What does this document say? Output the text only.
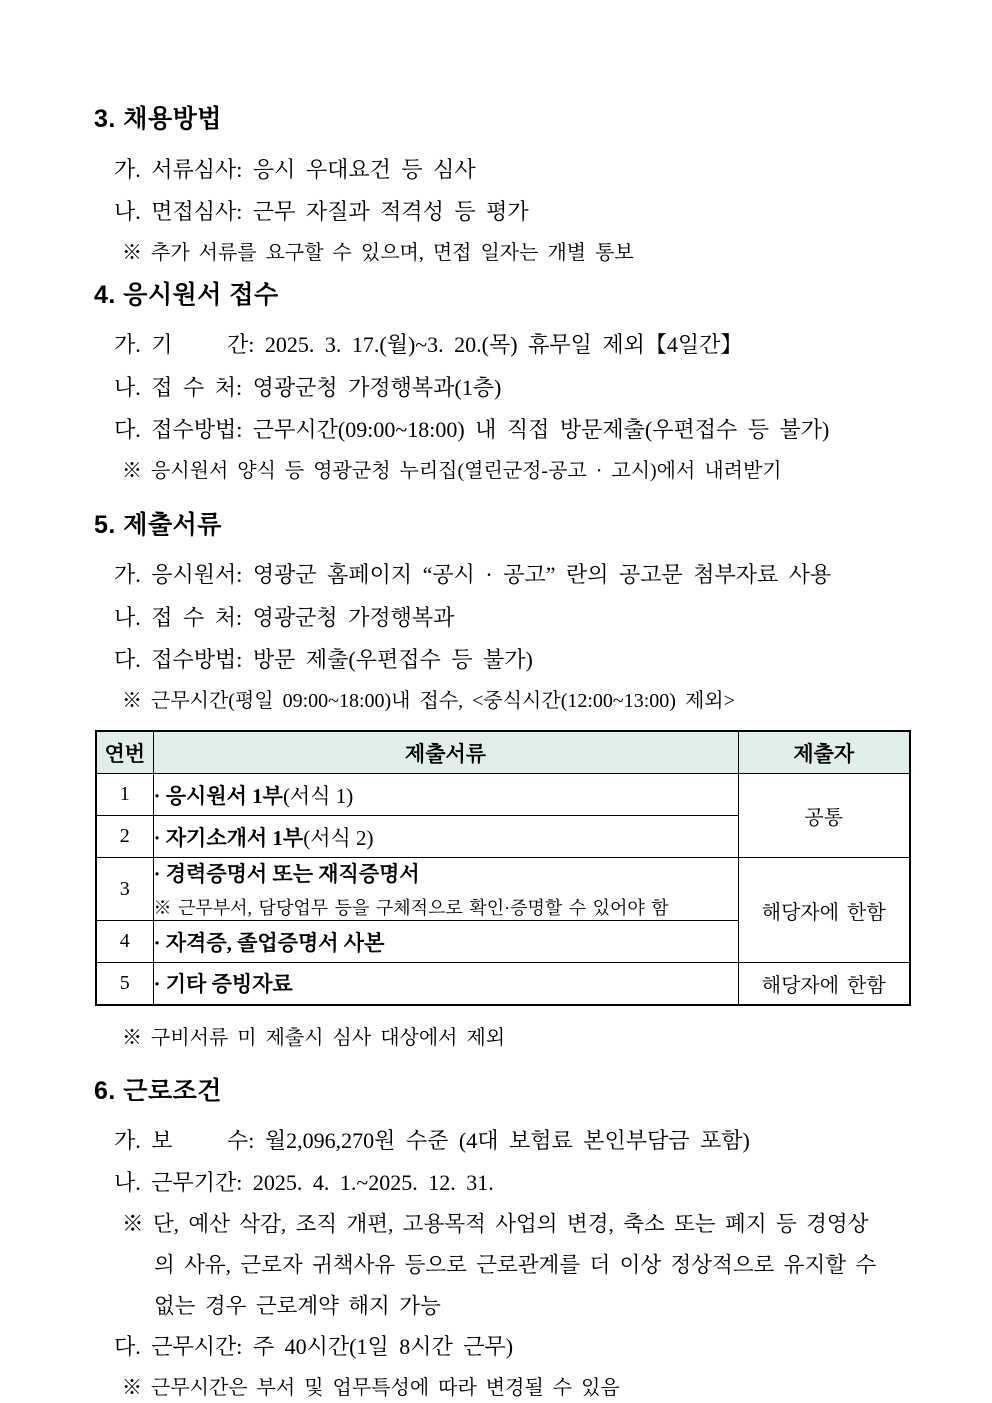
3. 채용방법
가. 서류심사: 응시 우대요건 등 심사
나. 면접심사: 근무 자질과 적격성 등 평가
※ 추가 서류를 요구할 수 있으며, 면접 일자는 개별 통보
4. 응시원서 접수
가. 기　　 간: 2025. 3. 17.(월)~3. 20.(목) 휴무일 제외【4일간】
나. 접 수 처: 영광군청 가정행복과(1층)
다. 접수방법: 근무시간(09:00~18:00) 내 직접 방문제출(우편접수 등 불가)
※ 응시원서 양식 등 영광군청 누리집(열린군정-공고 · 고시)에서 내려받기
5. 제출서류
가. 응시원서: 영광군 홈페이지 “공시 · 공고” 란의 공고문 첨부자료 사용
나. 접 수 처: 영광군청 가정행복과
다. 접수방법: 방문 제출(우편접수 등 불가)
※ 근무시간(평일 09:00~18:00)내 접수, <중식시간(12:00~13:00) 제외>
연번	제출서류	제출자
1	· 응시원서 1부(서식 1)	공통
2	· 자기소개서 1부(서식 2)	
3	· 경력증명서 또는 재직증명서
※ 근무부서, 담당업무 등을 구체적으로 확인·증명할 수 있어야 함	해당자에 한함
4	· 자격증, 졸업증명서 사본	
5	· 기타 증빙자료	해당자에 한함
※ 구비서류 미 제출시 심사 대상에서 제외
6. 근로조건
가. 보　　 수: 월2,096,270원 수준 (4대 보험료 본인부담금 포함)
나. 근무기간: 2025. 4. 1.~2025. 12. 31.
※ 단, 예산 삭감, 조직 개편, 고용목적 사업의 변경, 축소 또는 폐지 등 경영상
의 사유, 근로자 귀책사유 등으로 근로관계를 더 이상 정상적으로 유지할 수
없는 경우 근로계약 해지 가능
다. 근무시간: 주 40시간(1일 8시간 근무)
※ 근무시간은 부서 및 업무특성에 따라 변경될 수 있음
